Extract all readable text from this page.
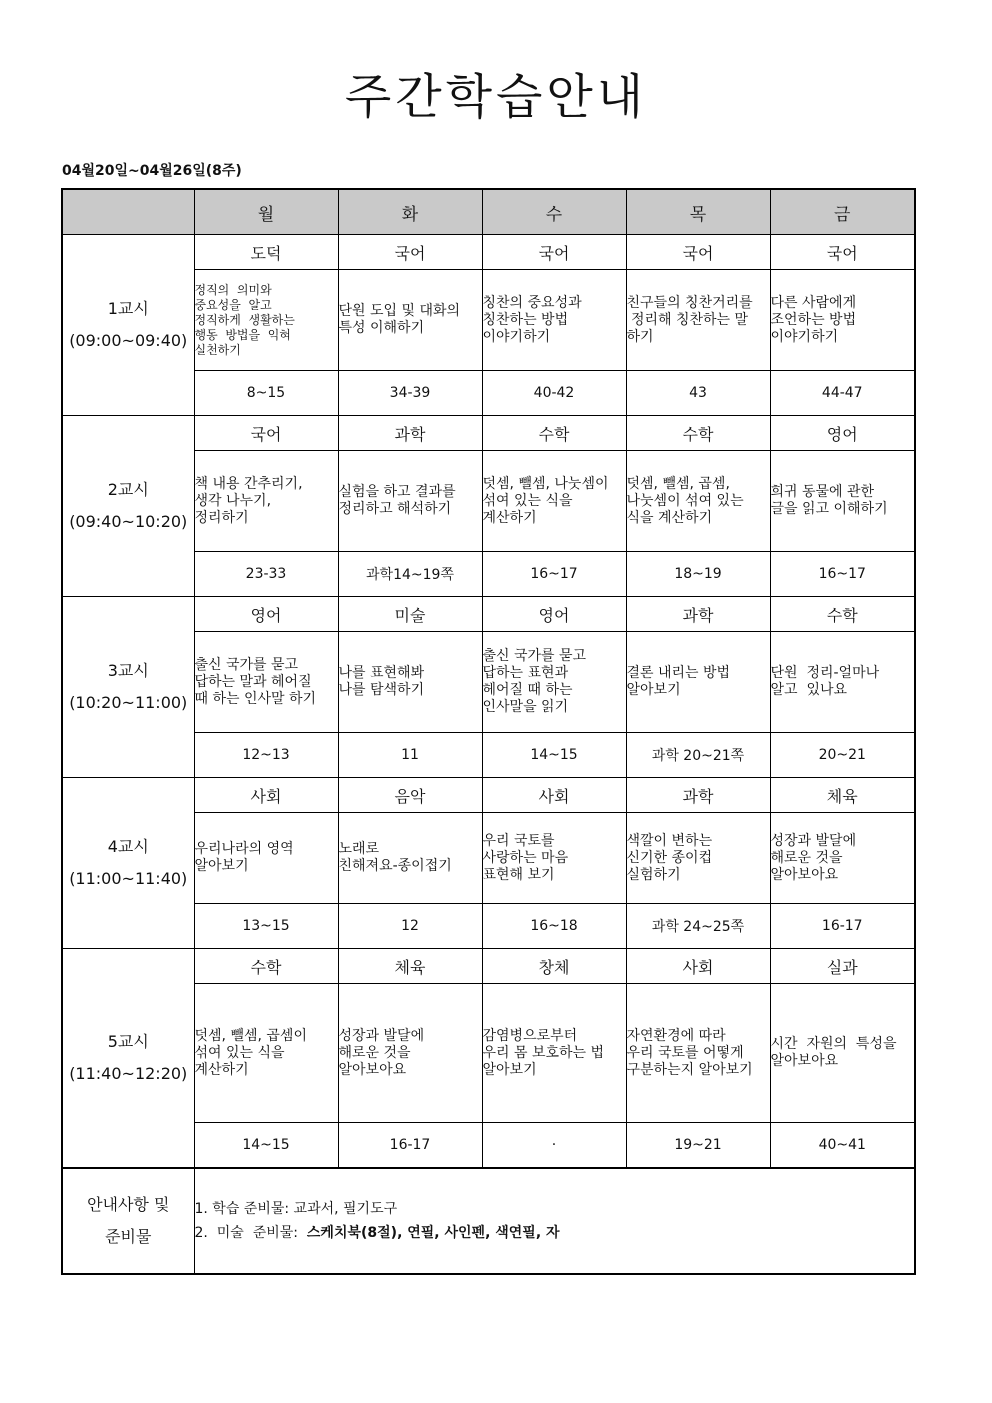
주간학습안내
04월20일~04월26일(8주)
	월	화	수	목	금

1교시
(09:00~09:40)	도덕	국어	국어	국어	국어

	정직의  의미와
중요성을  알고
정직하게  생활하는
행동  방법을  익혀
실천하기	단원 도입 및 대화의
특성 이해하기	칭찬의 중요성과
칭찬하는 방법
이야기하기	친구들의 칭찬거리를
정리해 칭찬하는 말
하기	다른 사람에게
조언하는 방법
이야기하기

	8~15	34-39	40-42	43	44-47

2교시
(09:40~10:20)	국어	과학	수학	수학	영어

	책 내용 간추리기,
생각 나누기,
정리하기	실험을 하고 결과를
정리하고 해석하기	덧셈, 뺄셈, 나눗셈이
섞여 있는 식을
계산하기	덧셈, 뺄셈, 곱셈,
나눗셈이 섞여 있는
식을 계산하기	희귀 동물에 관한
글을 읽고 이해하기

	23-33	과학14~19쪽	16~17	18~19	16~17

3교시
(10:20~11:00)	영어	미술	영어	과학	수학

	출신 국가를 묻고
답하는 말과 헤어질
때 하는 인사말 하기	나를 표현해봐
나를 탐색하기	출신 국가를 묻고
답하는 표현과
헤어질 때 하는
인사말을 읽기	결론 내리는 방법
알아보기	단원  정리-얼마나
알고  있나요

	12~13	11	14~15	과학 20~21쪽	20~21

4교시
(11:00~11:40)	사회	음악	사회	과학	체육

	우리나라의 영역
알아보기	노래로
친해져요-종이접기	우리 국토를
사랑하는 마음
표현해 보기	색깔이 변하는
신기한 종이컵
실험하기	성장과 발달에
해로운 것을
알아보아요

	13~15	12	16~18	과학 24~25쪽	16-17

5교시
(11:40~12:20)	수학	체육	창체	사회	실과

	덧셈, 뺄셈, 곱셈이
섞여 있는 식을
계산하기	성장과 발달에
해로운 것을
알아보아요	감염병으로부터
우리 몸 보호하는 법
알아보기	자연환경에 따라
우리 국토를 어떻게
구분하는지 알아보기	시간  자원의  특성을
알아보아요

	14~15	16-17	·	19~21	40~41

안내사항 및
준비물	1. 학습 준비물: 교과서, 필기도구
2.  미술  준비물:  스케치북(8절), 연필, 사인펜, 색연필, 자				
